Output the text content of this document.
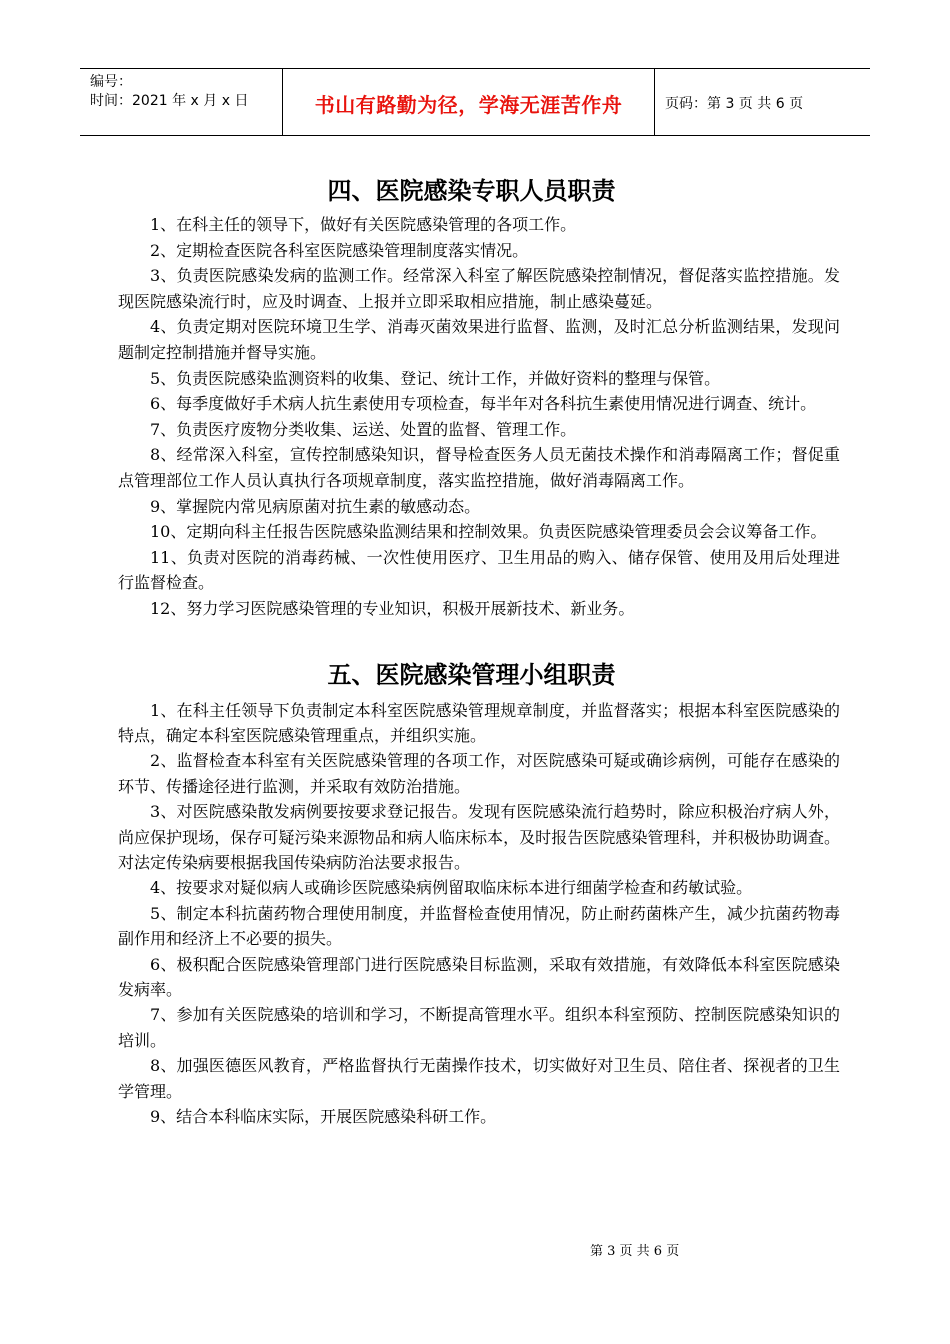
编号：
时间：2021 年 x 月 x 日	书山有路勤为径，学海无涯苦作舟	页码：第 3 页 共 6 页
四、医院感染专职人员职责

1、在科主任的领导下，做好有关医院感染管理的各项工作。

2、定期检查医院各科室医院感染管理制度落实情况。

3、负责医院感染发病的监测工作。经常深入科室了解医院感染控制情况，督促落实监控措施。发现医院感染流行时，应及时调查、上报并立即采取相应措施，制止感染蔓延。

4、负责定期对医院环境卫生学、消毒灭菌效果进行监督、监测，及时汇总分析监测结果，发现问题制定控制措施并督导实施。

5、负责医院感染监测资料的收集、登记、统计工作，并做好资料的整理与保管。

6、每季度做好手术病人抗生素使用专项检查，每半年对各科抗生素使用情况进行调查、统计。

7、负责医疗废物分类收集、运送、处置的监督、管理工作。

8、经常深入科室，宣传控制感染知识，督导检查医务人员无菌技术操作和消毒隔离工作；督促重点管理部位工作人员认真执行各项规章制度，落实监控措施，做好消毒隔离工作。

9、掌握院内常见病原菌对抗生素的敏感动态。

10、定期向科主任报告医院感染监测结果和控制效果。负责医院感染管理委员会会议筹备工作。

11、负责对医院的消毒药械、一次性使用医疗、卫生用品的购入、储存保管、使用及用后处理进行监督检查。

12、努力学习医院感染管理的专业知识，积极开展新技术、新业务。

五、医院感染管理小组职责

1、在科主任领导下负责制定本科室医院感染管理规章制度，并监督落实；根据本科室医院感染的特点，确定本科室医院感染管理重点，并组织实施。

2、监督检查本科室有关医院感染管理的各项工作，对医院感染可疑或确诊病例，可能存在感染的环节、传播途径进行监测，并采取有效防治措施。

3、对医院感染散发病例要按要求登记报告。发现有医院感染流行趋势时，除应积极治疗病人外，尚应保护现场，保存可疑污染来源物品和病人临床标本，及时报告医院感染管理科，并积极协助调查。对法定传染病要根据我国传染病防治法要求报告。

4、按要求对疑似病人或确诊医院感染病例留取临床标本进行细菌学检查和药敏试验。

5、制定本科抗菌药物合理使用制度，并监督检查使用情况，防止耐药菌株产生，减少抗菌药物毒副作用和经济上不必要的损失。

6、极积配合医院感染管理部门进行医院感染目标监测，采取有效措施，有效降低本科室医院感染发病率。

7、参加有关医院感染的培训和学习，不断提高管理水平。组织本科室预防、控制医院感染知识的培训。

8、加强医德医风教育，严格监督执行无菌操作技术，切实做好对卫生员、陪住者、探视者的卫生学管理。

9、结合本科临床实际，开展医院感染科研工作。

第 3 页 共 6 页
